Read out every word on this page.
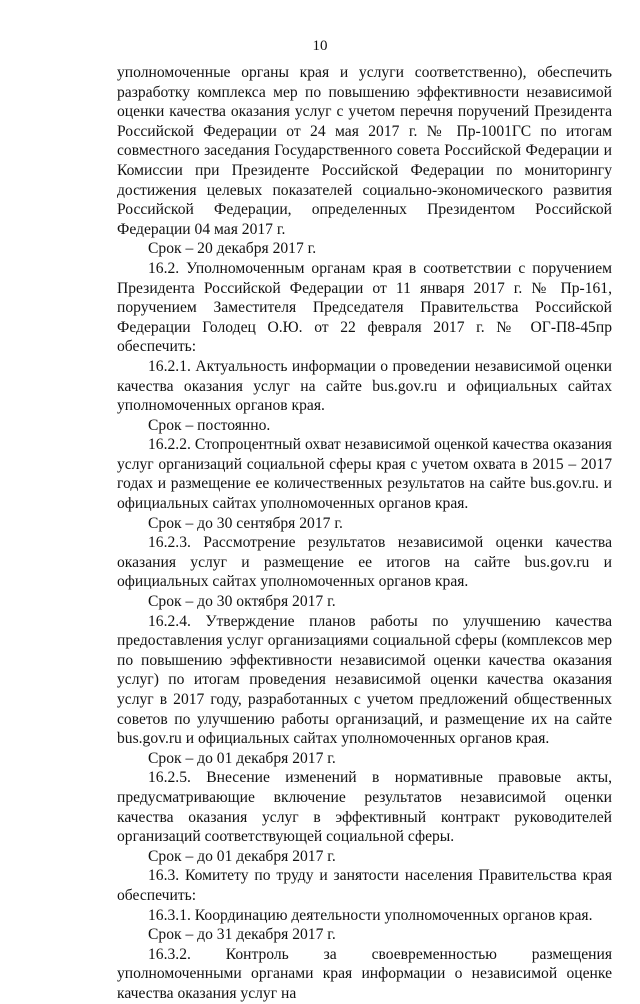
10

уполномоченные органы края и услуги соответственно), обеспечить разработку комплекса мер по повышению эффективности независимой оценки качества оказания услуг с учетом перечня поручений Президента Российской Федерации от 24 мая 2017 г. № Пр-1001ГС по итогам совместного заседания Государственного совета Российской Федерации и Комиссии при Президенте Российской Федерации по мониторингу достижения целевых показателей социально-экономического развития Российской Федерации, определенных Президентом Российской Федерации 04 мая 2017 г.

Срок – 20 декабря 2017 г.

16.2. Уполномоченным органам края в соответствии с поручением Президента Российской Федерации от 11 января 2017 г. № Пр-161, поручением Заместителя Председателя Правительства Российской Федерации Голодец О.Ю. от 22 февраля 2017 г. № ОГ-П8-45пр обеспечить:

16.2.1. Актуальность информации о проведении независимой оценки качества оказания услуг на сайте bus.gov.ru и официальных сайтах уполномоченных органов края.

Срок – постоянно.

16.2.2. Стопроцентный охват независимой оценкой качества оказания услуг организаций социальной сферы края с учетом охвата в 2015 – 2017 годах и размещение ее количественных результатов на сайте bus.gov.ru. и официальных сайтах уполномоченных органов края.

Срок – до 30 сентября 2017 г.

16.2.3. Рассмотрение результатов независимой оценки качества оказания услуг и размещение ее итогов на сайте bus.gov.ru и официальных сайтах уполномоченных органов края.

Срок – до 30 октября 2017 г.

16.2.4. Утверждение планов работы по улучшению качества предоставления услуг организациями социальной сферы (комплексов мер по повышению эффективности независимой оценки качества оказания услуг) по итогам проведения независимой оценки качества оказания услуг в 2017 году, разработанных с учетом предложений общественных советов по улучшению работы организаций, и размещение их на сайте bus.gov.ru и официальных сайтах уполномоченных органов края.

Срок – до 01 декабря 2017 г.

16.2.5. Внесение изменений в нормативные правовые акты, предусматривающие включение результатов независимой оценки качества оказания услуг в эффективный контракт руководителей организаций соответствующей социальной сферы.

Срок – до 01 декабря 2017 г.

16.3. Комитету по труду и занятости населения Правительства края обеспечить:

16.3.1. Координацию деятельности уполномоченных органов края.

Срок – до 31 декабря 2017 г.

16.3.2. Контроль за своевременностью размещения уполномоченными органами края информации о независимой оценке качества оказания услуг на
